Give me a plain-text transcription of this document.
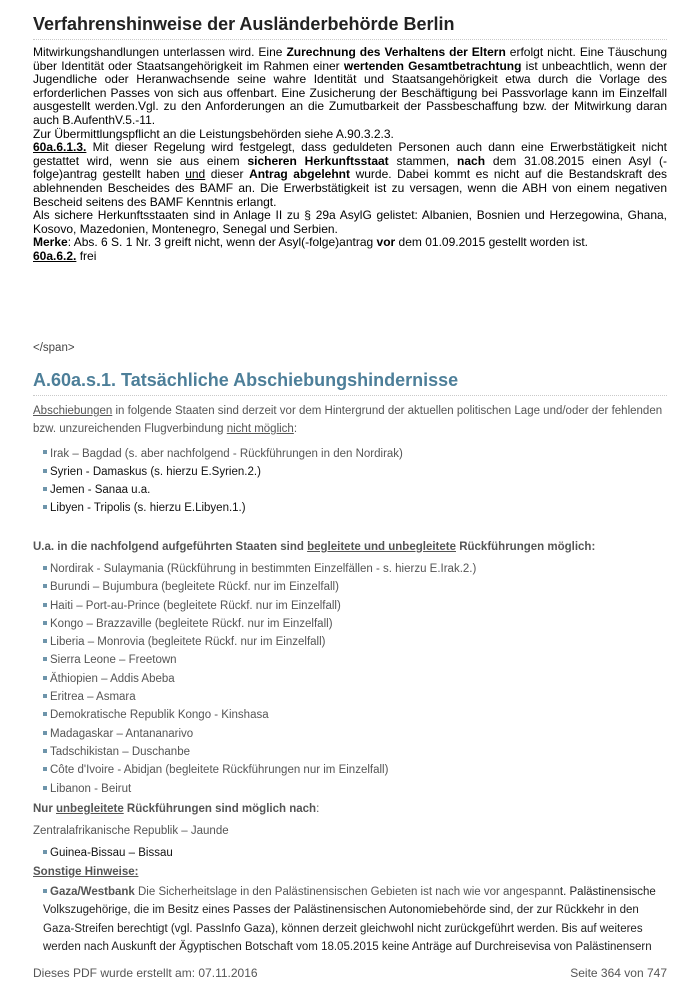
Verfahrenshinweise der Ausländerbehörde Berlin
Mitwirkungshandlungen unterlassen wird. Eine Zurechnung des Verhaltens der Eltern erfolgt nicht. Eine Täuschung über Identität oder Staatsangehörigkeit im Rahmen einer wertenden Gesamtbetrachtung ist unbeachtlich, wenn der Jugendliche oder Heranwachsende seine wahre Identität und Staatsangehörigkeit etwa durch die Vorlage des erforderlichen Passes von sich aus offenbart. Eine Zusicherung der Beschäftigung bei Passvorlage kann im Einzelfall ausgestellt werden.Vgl. zu den Anforderungen an die Zumutbarkeit der Passbeschaffung bzw. der Mitwirkung daran auch B.AufenthV.5.-11.
Zur Übermittlungspflicht an die Leistungsbehörden siehe A.90.3.2.3.
60a.6.1.3. Mit dieser Regelung wird festgelegt, dass geduldeten Personen auch dann eine Erwerbstätigkeit nicht gestattet wird, wenn sie aus einem sicheren Herkunftsstaat stammen, nach dem 31.08.2015 einen Asyl (-folge)antrag gestellt haben und dieser Antrag abgelehnt wurde. Dabei kommt es nicht auf die Bestandskraft des ablehnenden Bescheides des BAMF an. Die Erwerbstätigkeit ist zu versagen, wenn die ABH von einem negativen Bescheid seitens des BAMF Kenntnis erlangt.
Als sichere Herkunftsstaaten sind in Anlage II zu § 29a AsylG gelistet: Albanien, Bosnien und Herzegowina, Ghana, Kosovo, Mazedonien, Montenegro, Senegal und Serbien.
Merke: Abs. 6 S. 1 Nr. 3 greift nicht, wenn der Asyl(-folge)antrag vor dem 01.09.2015 gestellt worden ist.
60a.6.2. frei
</span>
A.60a.s.1. Tatsächliche Abschiebungshindernisse
Abschiebungen in folgende Staaten sind derzeit vor dem Hintergrund der aktuellen politischen Lage und/oder der fehlenden bzw. unzureichenden Flugverbindung nicht möglich:
Irak – Bagdad (s. aber nachfolgend - Rückführungen in den Nordirak)
Syrien - Damaskus (s. hierzu E.Syrien.2.)
Jemen - Sanaa u.a.
Libyen - Tripolis (s. hierzu E.Libyen.1.)
U.a. in die nachfolgend aufgeführten Staaten sind begleitete und unbegleitete Rückführungen möglich:
Nordirak - Sulaymania (Rückführung in bestimmten Einzelfällen - s. hierzu E.Irak.2.)
Burundi – Bujumbura (begleitete Rückf. nur im Einzelfall)
Haiti – Port-au-Prince (begleitete Rückf. nur im Einzelfall)
Kongo – Brazzaville (begleitete Rückf. nur im Einzelfall)
Liberia – Monrovia (begleitete Rückf. nur im Einzelfall)
Sierra Leone – Freetown
Äthiopien – Addis Abeba
Eritrea – Asmara
Demokratische Republik Kongo - Kinshasa
Madagaskar – Antananarivo
Tadschikistan – Duschanbe
Côte d'Ivoire - Abidjan (begleitete Rückführungen nur im Einzelfall)
Libanon - Beirut
Nur unbegleitete Rückführungen sind möglich nach:
Zentralafrikanische Republik – Jaunde
Guinea-Bissau – Bissau
Sonstige Hinweise:
Gaza/Westbank Die Sicherheitslage in den Palästinensischen Gebieten ist nach wie vor angespannt. Palästinensische Volkszugehörige, die im Besitz eines Passes der Palästinensischen Autonomiebehörde sind, der zur Rückkehr in den Gaza-Streifen berechtigt (vgl. PassInfo Gaza), können derzeit gleichwohl nicht zurückgeführt werden. Bis auf weiteres werden nach Auskunft der Ägyptischen Botschaft vom 18.05.2015 keine Anträge auf Durchreisevisa von Palästinensern
Dieses PDF wurde erstellt am: 07.11.2016	Seite 364 von 747
